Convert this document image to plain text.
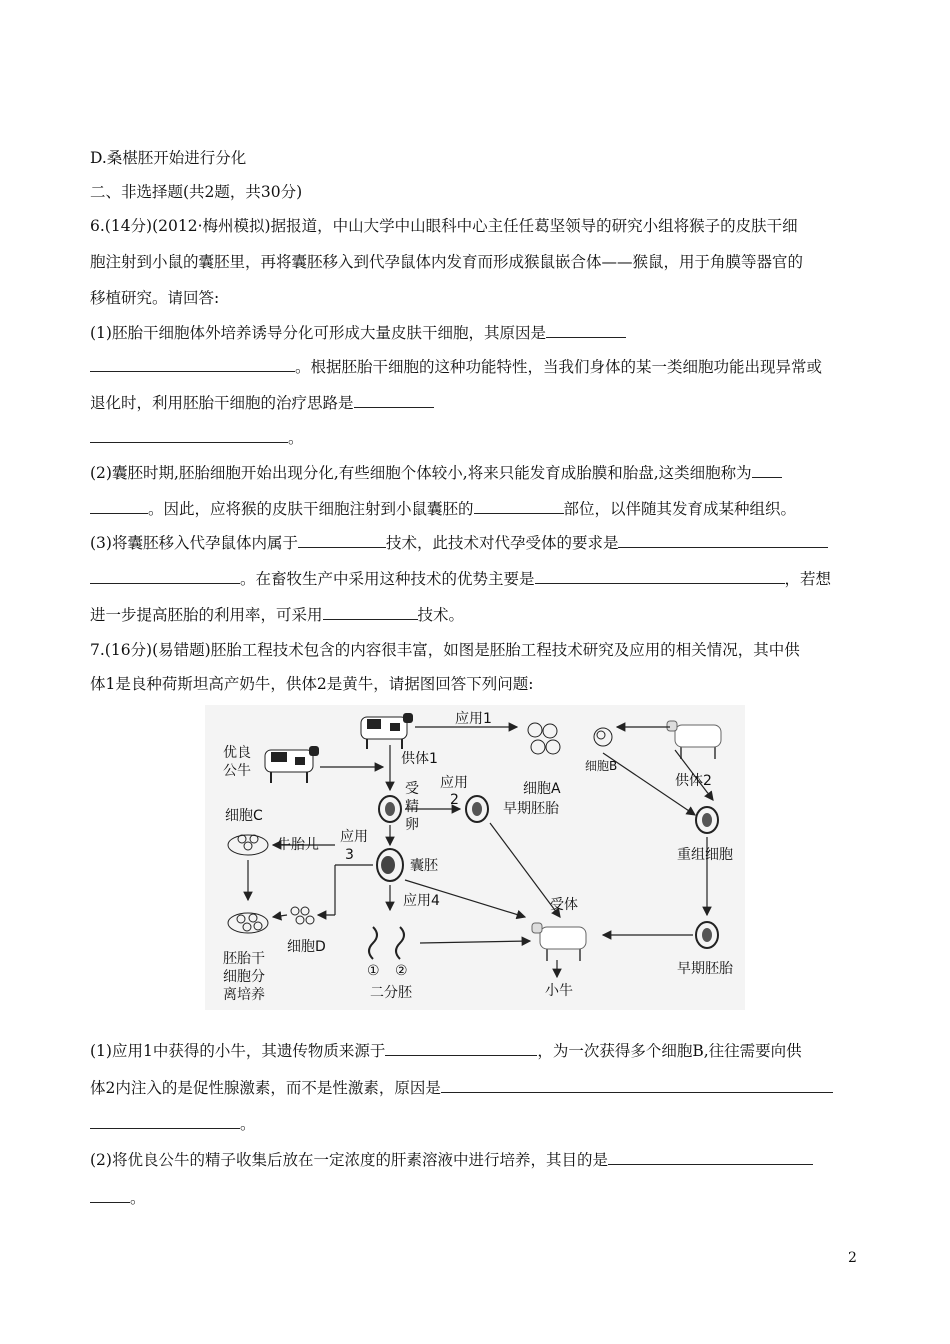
D.桑椹胚开始进行分化
二、非选择题(共2题，共30分)
6.(14分)(2012·梅州模拟)据报道，中山大学中山眼科中心主任任葛坚领导的研究小组将猴子的皮肤干细
胞注射到小鼠的囊胚里，再将囊胚移入到代孕鼠体内发育而形成猴鼠嵌合体——猴鼠，用于角膜等器官的
移植研究。请回答:
(1)胚胎干细胞体外培养诱导分化可形成大量皮肤干细胞，其原因是
。根据胚胎干细胞的这种功能特性，当我们身体的某一类细胞功能出现异常或
退化时，利用胚胎干细胞的治疗思路是
。
(2)囊胚时期,胚胎细胞开始出现分化,有些细胞个体较小,将来只能发育成胎膜和胎盘,这类细胞称为
。因此，应将猴的皮肤干细胞注射到小鼠囊胚的	部位，以伴随其发育成某种组织。
(3)将囊胚移入代孕鼠体内属于	技术，此技术对代孕受体的要求是
。在畜牧生产中采用这种技术的优势主要是	，若想
进一步提高胚胎的利用率，可采用	技术。
7.(16分)(易错题)胚胎工程技术包含的内容很丰富，如图是胚胎工程技术研究及应用的相关情况，其中供
体1是良种荷斯坦高产奶牛，供体2是黄牛，请据图回答下列问题:
优良
公牛
供体1
应用1
应用
2
应用
3
应用4
受
精
卵
细胞A
早期胚胎
细胞B
供体2
重组细胞
早期胚胎
细胞C
牛胎儿
囊胚
细胞D
胚胎干
细胞分
离培养
① ②
二分胚
受体
小牛
(1)应用1中获得的小牛，其遗传物质来源于	，为一次获得多个细胞B,往往需要向供
体2内注入的是促性腺激素，而不是性激素，原因是
。
(2)将优良公牛的精子收集后放在一定浓度的肝素溶液中进行培养，其目的是
。
2
